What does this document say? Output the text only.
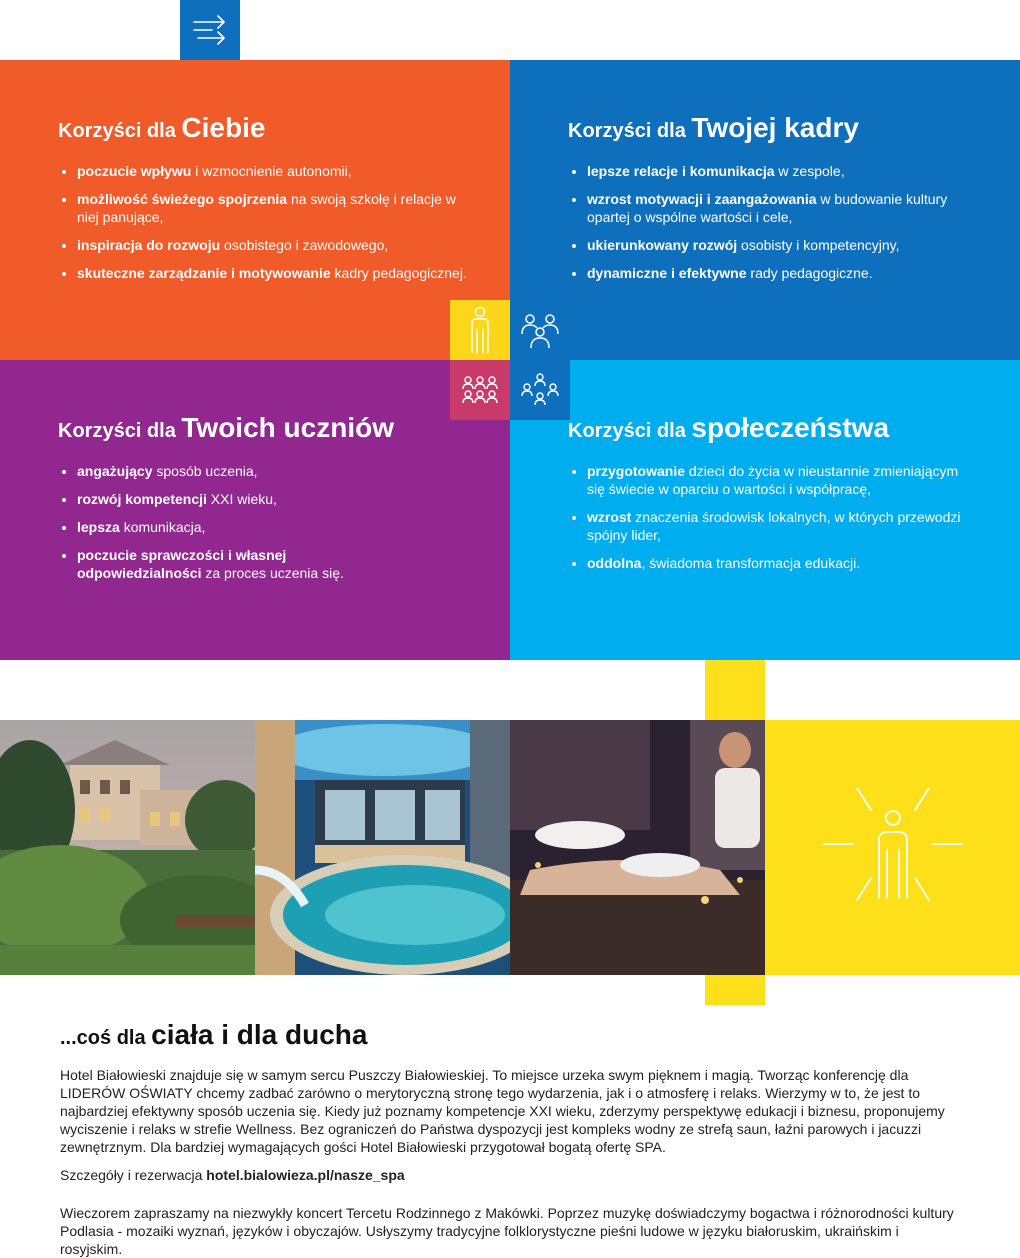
Korzyści dla Ciebie
• poczucie wpływu i wzmocnienie autonomii,
• możliwość świeżego spojrzenia na swoją szkołę i relacje w niej panujące,
• inspiracja do rozwoju osobistego i zawodowego,
• skuteczne zarządzanie i motywowanie kadry pedagogicznej.
Korzyści dla Twojej kadry
• lepsze relacje i komunikacja w zespole,
• wzrost motywacji i zaangażowania w budowanie kultury opartej o wspólne wartości i cele,
• ukierunkowany rozwój osobisty i kompetencyjny,
• dynamiczne i efektywne rady pedagogiczne.
Korzyści dla Twoich uczniów
• angażujący sposób uczenia,
• rozwój kompetencji XXI wieku,
• lepsza komunikacja,
• poczucie sprawczości i własnej odpowiedzialności za proces uczenia się.
Korzyści dla społeczeństwa
• przygotowanie dzieci do życia w nieustannie zmieniającym się świecie w oparciu o wartości i współpracę,
• wzrost znaczenia środowisk lokalnych, w których przewodzi spójny lider,
• oddolna, świadoma transformacja edukacji.
...coś dla ciała i dla ducha

Hotel Białowieski znajduje się w samym sercu Puszczy Białowieskiej. To miejsce urzeka swym pięknem i magią. Tworząc konferencję dla LIDERÓW OŚWIATY chcemy zadbać zarówno o merytoryczną stronę tego wydarzenia, jak i o atmosferę i relaks. Wierzymy w to, że jest to najbardziej efektywny sposób uczenia się. Kiedy już poznamy kompetencje XXI wieku, zderzymy perspektywę edukacji i biznesu, proponujemy wyciszenie i relaks w strefie Wellness. Bez ograniczeń do Państwa dyspozycji jest kompleks wodny ze strefą saun, łaźni parowych i jacuzzi zewnętrznym. Dla bardziej wymagających gości Hotel Białowieski przygotował bogatą ofertę SPA.

Szczegóły i rezerwacja hotel.bialowieza.pl/nasze_spa

Wieczorem zapraszamy na niezwykły koncert Tercetu Rodzinnego z Makówki. Poprzez muzykę doświadczymy bogactwa i różnorodności kultury Podlasia - mozaiki wyznań, języków i obyczajów. Usłyszymy tradycyjne folklorystyczne pieśni ludowe w języku białoruskim, ukraińskim i rosyjskim.
